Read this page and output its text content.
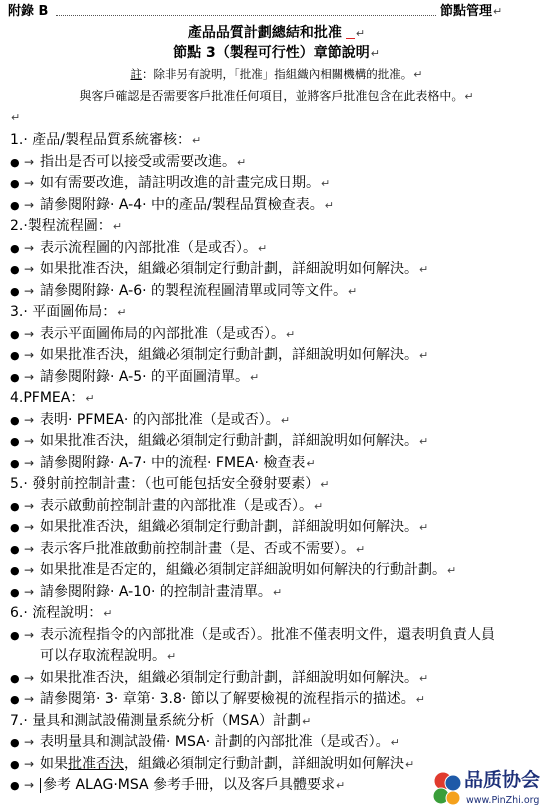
附錄 B	節點管理↵
產品品質計劃總結和批准 ↵
節點 3（製程可行性）章節說明↵
註：除非另有說明，「批准」指組織內相關機構的批准。↵
與客戶確認是否需要客戶批准任何項目，並將客戶批准包含在此表格中。↵
↵
1.· 產品/製程品質系統審核：↵
● → 指出是否可以接受或需要改進。↵
● → 如有需要改進，請註明改進的計畫完成日期。↵
● → 請參閱附錄· A-4· 中的產品/製程品質檢查表。↵
2.·製程流程圖：↵
● → 表示流程圖的內部批准（是或否）。↵
● → 如果批准否決，組織必須制定行動計劃，詳細說明如何解決。↵
● → 請參閱附錄· A-6· 的製程流程圖清單或同等文件。↵
3.· 平面圖佈局：↵
● → 表示平面圖佈局的內部批准（是或否）。↵
● → 如果批准否決，組織必須制定行動計劃，詳細說明如何解決。↵
● → 請參閱附錄· A-5· 的平面圖清單。↵
4.PFMEA：↵
● → 表明· PFMEA· 的內部批准（是或否）。↵
● → 如果批准否決，組織必須制定行動計劃，詳細說明如何解決。↵
● → 請參閱附錄· A-7· 中的流程· FMEA· 檢查表↵
5.· 發射前控制計畫：（也可能包括安全發射要素）↵
● → 表示啟動前控制計畫的內部批准（是或否）。↵
● → 如果批准否決，組織必須制定行動計劃，詳細說明如何解決。↵
● → 表示客戶批准啟動前控制計畫（是、否或不需要）。↵
● → 如果批准是否定的，組織必須制定詳細說明如何解決的行動計劃。↵
● → 請參閱附錄· A-10· 的控制計畫清單。↵
6.· 流程說明：↵
● → 表示流程指令的內部批准（是或否）。批准不僅表明文件，還表明負責人員
可以存取流程說明。↵
● → 如果批准否決，組織必須制定行動計劃，詳細說明如何解決。↵
● → 請參閱第· 3· 章第· 3.8· 節以了解要檢視的流程指示的描述。↵
7.· 量具和測試設備測量系統分析（MSA）計劃↵
● → 表明量具和測試設備· MSA· 計劃的內部批准（是或否）。↵
● → 如果批准否決，組織必須制定行動計劃，詳細說明如何解決↵
● → 參考 ALAG·MSA 參考手冊，以及客戶具體要求↵	品质协会
www.PinZhi.org
